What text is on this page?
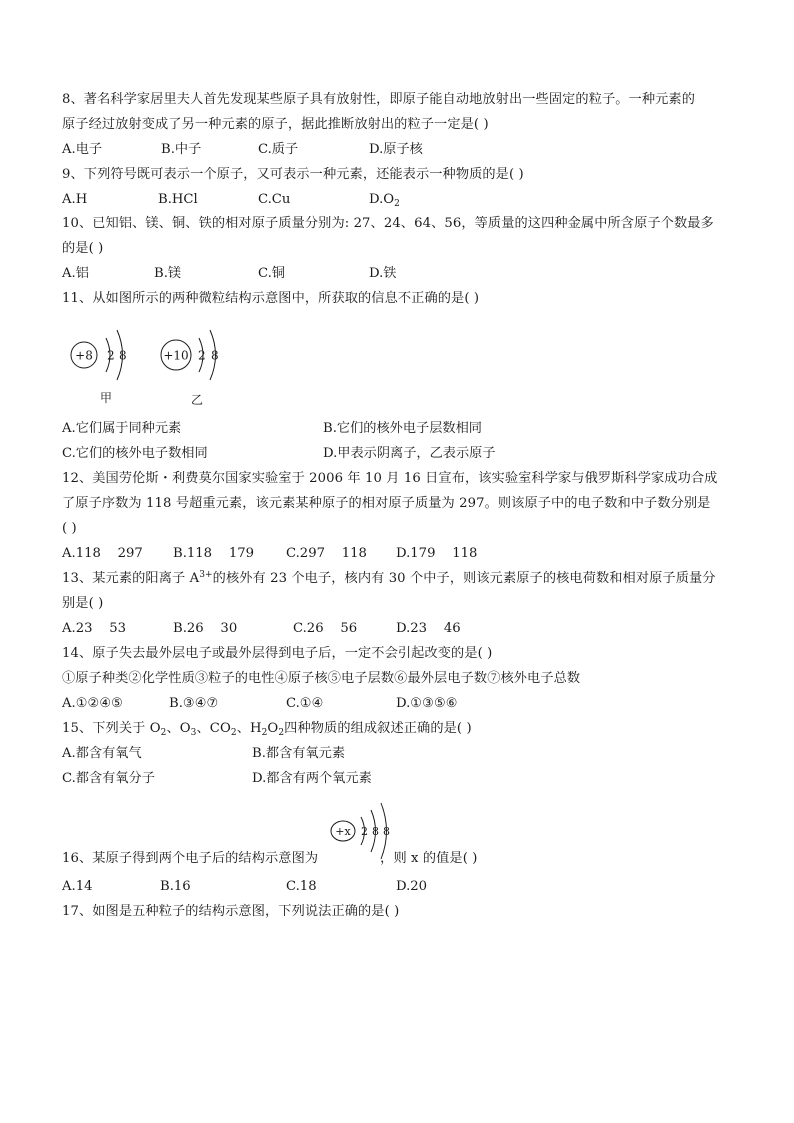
8、著名科学家居里夫人首先发现某些原子具有放射性，即原子能自动地放射出一些固定的粒子。一种元素的
原子经过放射变成了另一种元素的原子，据此推断放射出的粒子一定是( )
A.电子	B.中子	C.质子	D.原子核
9、下列符号既可表示一个原子，又可表示一种元素，还能表示一种物质的是( )
A.H	B.HCl	C.Cu	$D.O_2$
10、已知铝、镁、铜、铁的相对原子质量分别为: 27、24、64、56，等质量的这四种金属中所含原子个数最多
的是( )
A.铝	B.镁	C.铜	D.铁
11、从如图所示的两种微粒结构示意图中，所获取的信息不正确的是( )
+8 2 8
甲
+10 2 8
乙
A.它们属于同种元素	B.它们的核外电子层数相同
C.它们的核外电子数相同	D.甲表示阴离子，乙表示原子
12、美国劳伦斯・利费莫尔国家实验室于 2006 年 10 月 16 日宣布，该实验室科学家与俄罗斯科学家成功合成
了原子序数为 118 号超重元素，该元素某种原子的相对原子质量为 297。则该原子中的电子数和中子数分别是
( )
A.118    297 B.118    179 C.297    118 D.179    118
13、某元素的阳离子 $A^{3+}$的核外有 23 个电子，核内有 30 个中子，则该元素原子的核电荷数和相对原子质量分
别是( )
A.23    53	B.26    30	C.26    56	D.23    46
14、原子失去最外层电子或最外层得到电子后，一定不会引起改变的是( )
①原子种类②化学性质③粒子的电性④原子核⑤电子层数⑥最外层电子数⑦核外电子总数
A.①②④⑤	B.③④⑦	C.①④	D.①③⑤⑥
15、下列关于 $O_2$、$O_3$、$CO_2$、$H_2O_2$四种物质的组成叙述正确的是( )
A.都含有氧气	B.都含有氧元素
C.都含有氧分子	D.都含有两个氧元素
16、某原子得到两个电子后的结构示意图为	，则 x 的值是( )
+x 2 8 8
A.14	B.16	C.18	D.20
17、如图是五种粒子的结构示意图，下列说法正确的是( )
